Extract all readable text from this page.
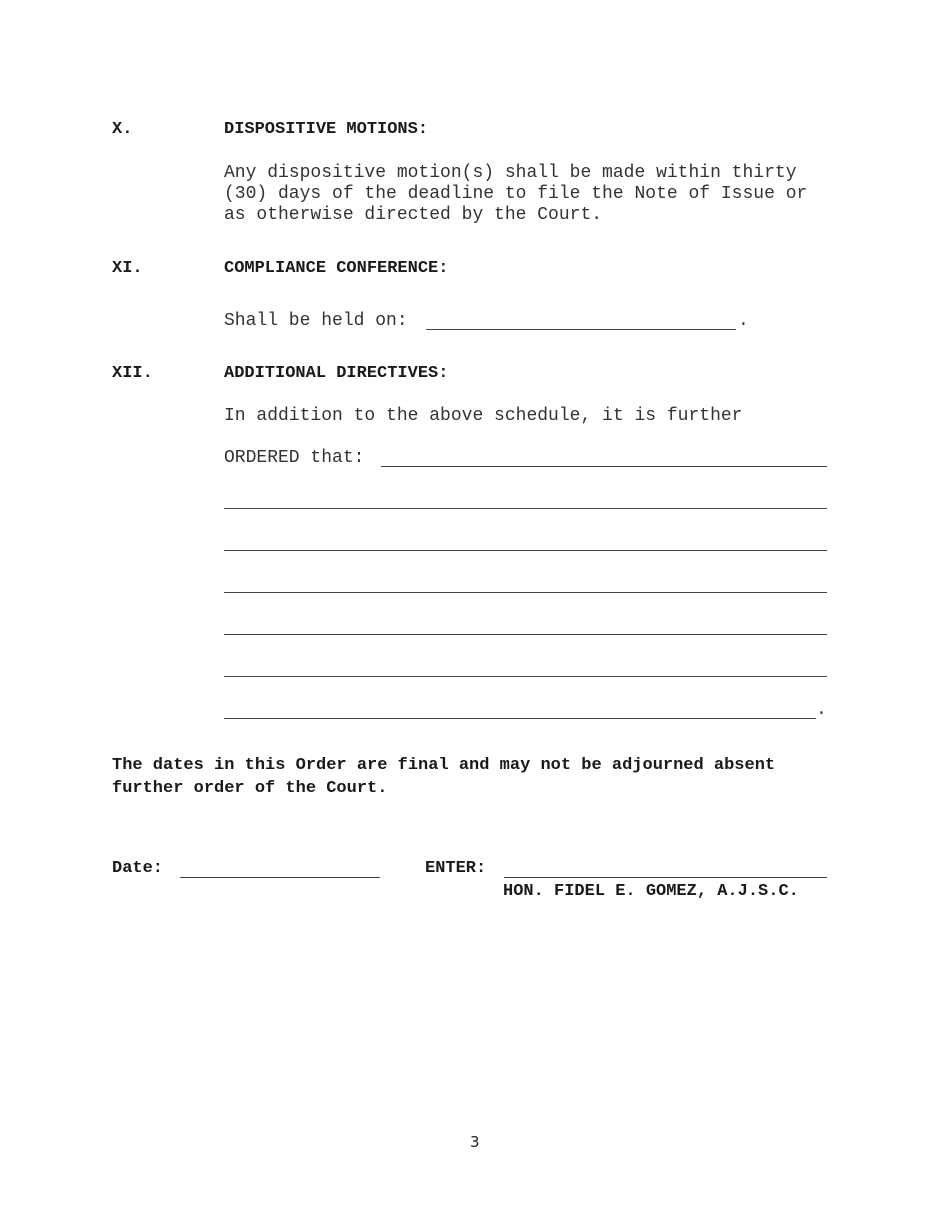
X.	DISPOSITIVE MOTIONS:
Any dispositive motion(s) shall be made within thirty
(30) days of the deadline to file the Note of Issue or
as otherwise directed by the Court.
XI.	COMPLIANCE CONFERENCE:
Shall be held on:	.
XII.	ADDITIONAL DIRECTIVES:
In addition to the above schedule, it is further
ORDERED that:
.
The dates in this Order are final and may not be adjourned absent
further order of the Court.
Date:	ENTER:
HON. FIDEL E. GOMEZ, A.J.S.C.
3
